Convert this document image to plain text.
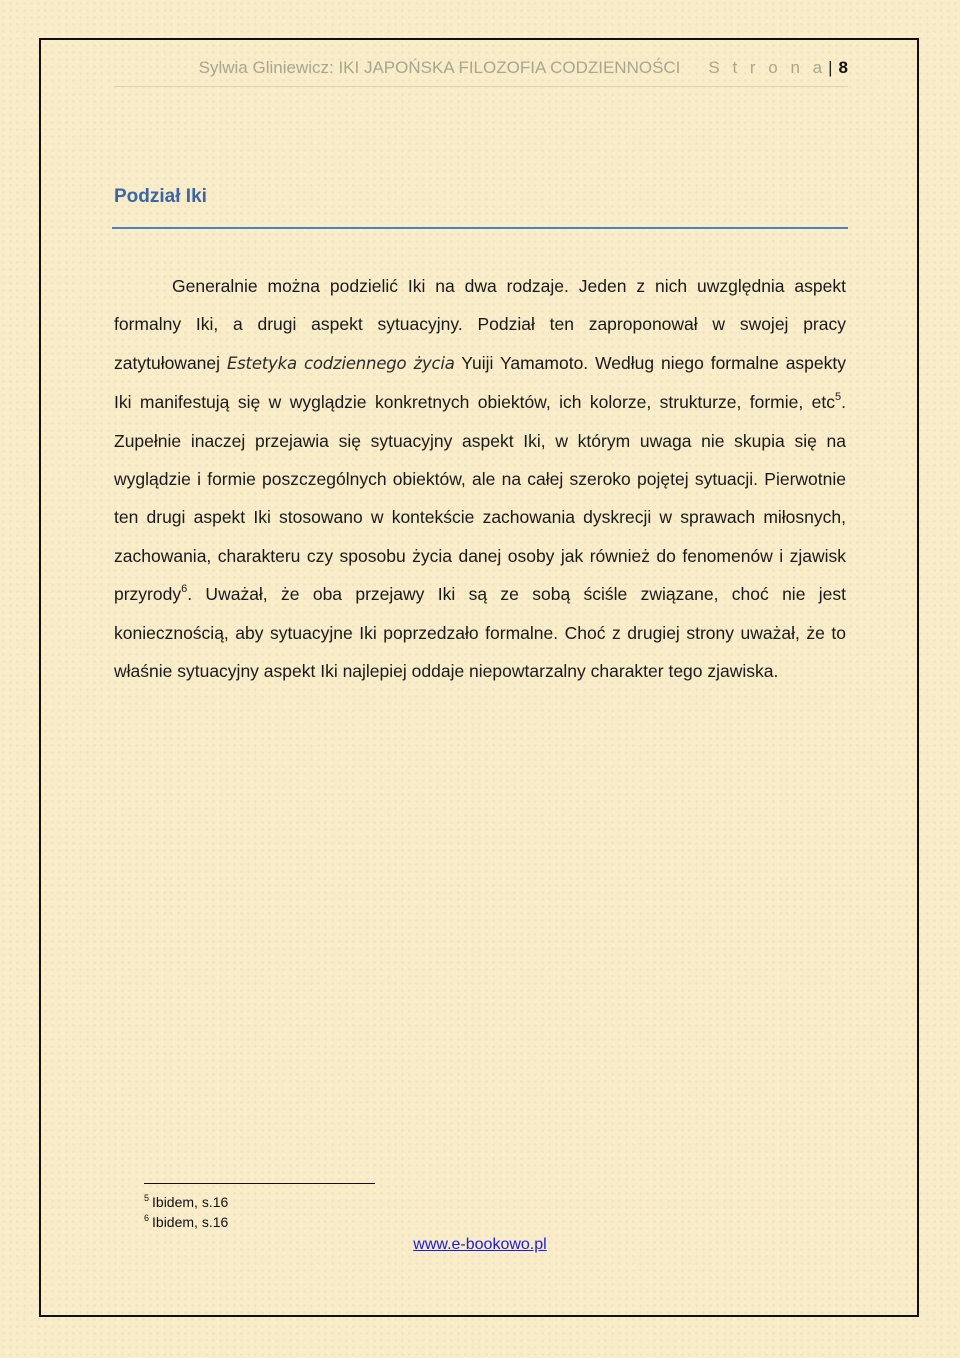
Sylwia Gliniewicz: IKI JAPOŃSKA FILOZOFIA CODZIENNOŚCI S t r o n a | 8
Podział Iki

Generalnie można podzielić Iki na dwa rodzaje. Jeden z nich uwzględnia aspekt formalny Iki, a drugi aspekt sytuacyjny. Podział ten zaproponował w swojej pracy zatytułowanej Estetyka codziennego życia Yuiji Yamamoto. Według niego formalne aspekty Iki manifestują się w wyglądzie konkretnych obiektów, ich kolorze, strukturze, formie, etc$^5$. Zupełnie inaczej przejawia się sytuacyjny aspekt Iki, w którym uwaga nie skupia się na wyglądzie i formie poszczególnych obiektów, ale na całej szeroko pojętej sytuacji. Pierwotnie ten drugi aspekt Iki stosowano w kontekście zachowania dyskrecji w sprawach miłosnych, zachowania, charakteru czy sposobu życia danej osoby jak również do fenomenów i zjawisk przyrody$^6$. Uważał, że oba przejawy Iki są ze sobą ściśle związane, choć nie jest koniecznością, aby sytuacyjne Iki poprzedzało formalne. Choć z drugiej strony uważał, że to właśnie sytuacyjny aspekt Iki najlepiej oddaje niepowtarzalny charakter tego zjawiska.

$^5$ Ibidem, s.16
$^6$ Ibidem, s.16
www.e-bookowo.pl
